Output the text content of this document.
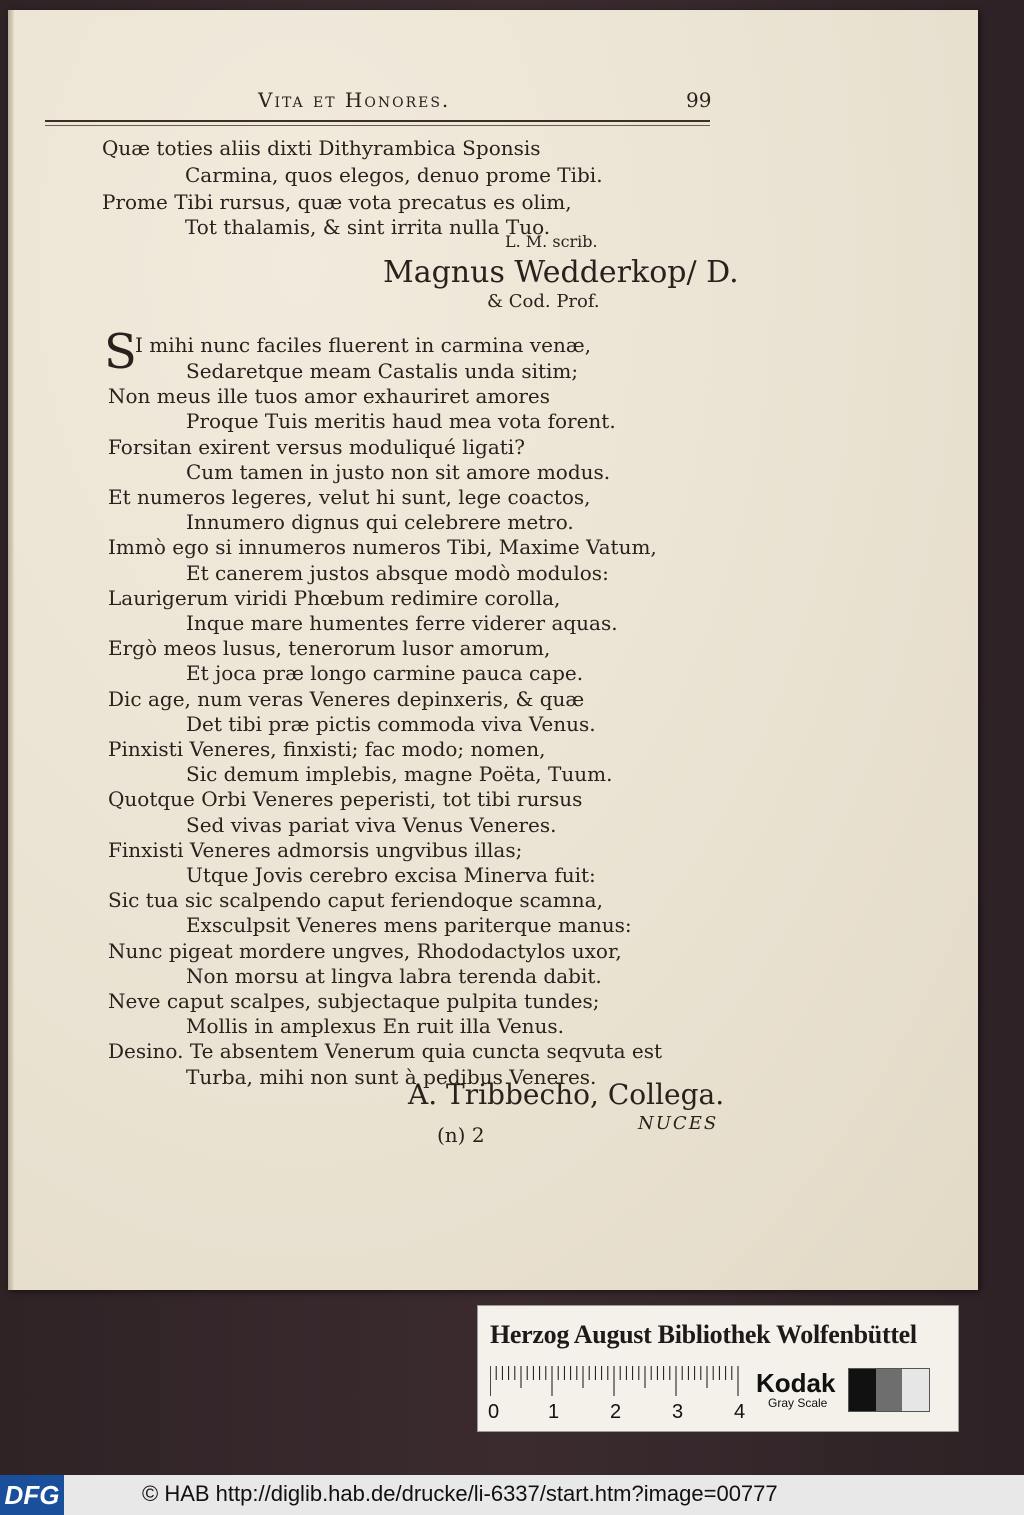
Vita et Honores.	99
Quæ toties aliis dixti Dithyrambica Sponsis
Carmina, quos elegos, denuo prome Tibi.
Prome Tibi rursus, quæ vota precatus es olim,
Tot thalamis, & sint irrita nulla Tuo.
L. M. scrib.
Magnus Wedderkop/ D.
& Cod. Prof.
S
I mihi nunc faciles fluerent in carmina venæ,
Sedaretque meam Castalis unda sitim;
Non meus ille tuos amor exhauriret amores
Proque Tuis meritis haud mea vota forent.
Forsitan exirent versus moduliqué ligati?
Cum tamen in justo non sit amore modus.
Et numeros legeres, velut hi sunt, lege coactos,
Innumero dignus qui celebrere metro.
Immò ego si innumeros numeros Tibi, Maxime Vatum,
Et canerem justos absque modò modulos:
Laurigerum viridi Phœbum redimire corolla,
Inque mare humentes ferre viderer aquas.
Ergò meos lusus, tenerorum lusor amorum,
Et joca præ longo carmine pauca cape.
Dic age, num veras Veneres depinxeris, & quæ
Det tibi præ pictis commoda viva Venus.
Pinxisti Veneres, finxisti; fac modo; nomen,
Sic demum implebis, magne Poëta, Tuum.
Quotque Orbi Veneres peperisti, tot tibi rursus
Sed vivas pariat viva Venus Veneres.
Finxisti Veneres admorsis ungvibus illas;
Utque Jovis cerebro excisa Minerva fuit:
Sic tua sic scalpendo caput feriendoque scamna,
Exsculpsit Veneres mens pariterque manus:
Nunc pigeat mordere ungves, Rhododactylos uxor,
Non morsu at lingva labra terenda dabit.
Neve caput scalpes, subjectaque pulpita tundes;
Mollis in amplexus En ruit illa Venus.
Desino. Te absentem Venerum quia cuncta seqvuta est
Turba, mihi non sunt à pedibus Veneres.
A. Tribbecho, Collega.
(n) 2	NUCES
Herzog August Bibliothek Wolfenbüttel
0 1	2	3	4
Kodak
Gray Scale
DFG	© HAB http://diglib.hab.de/drucke/li-6337/start.htm?image=00777
